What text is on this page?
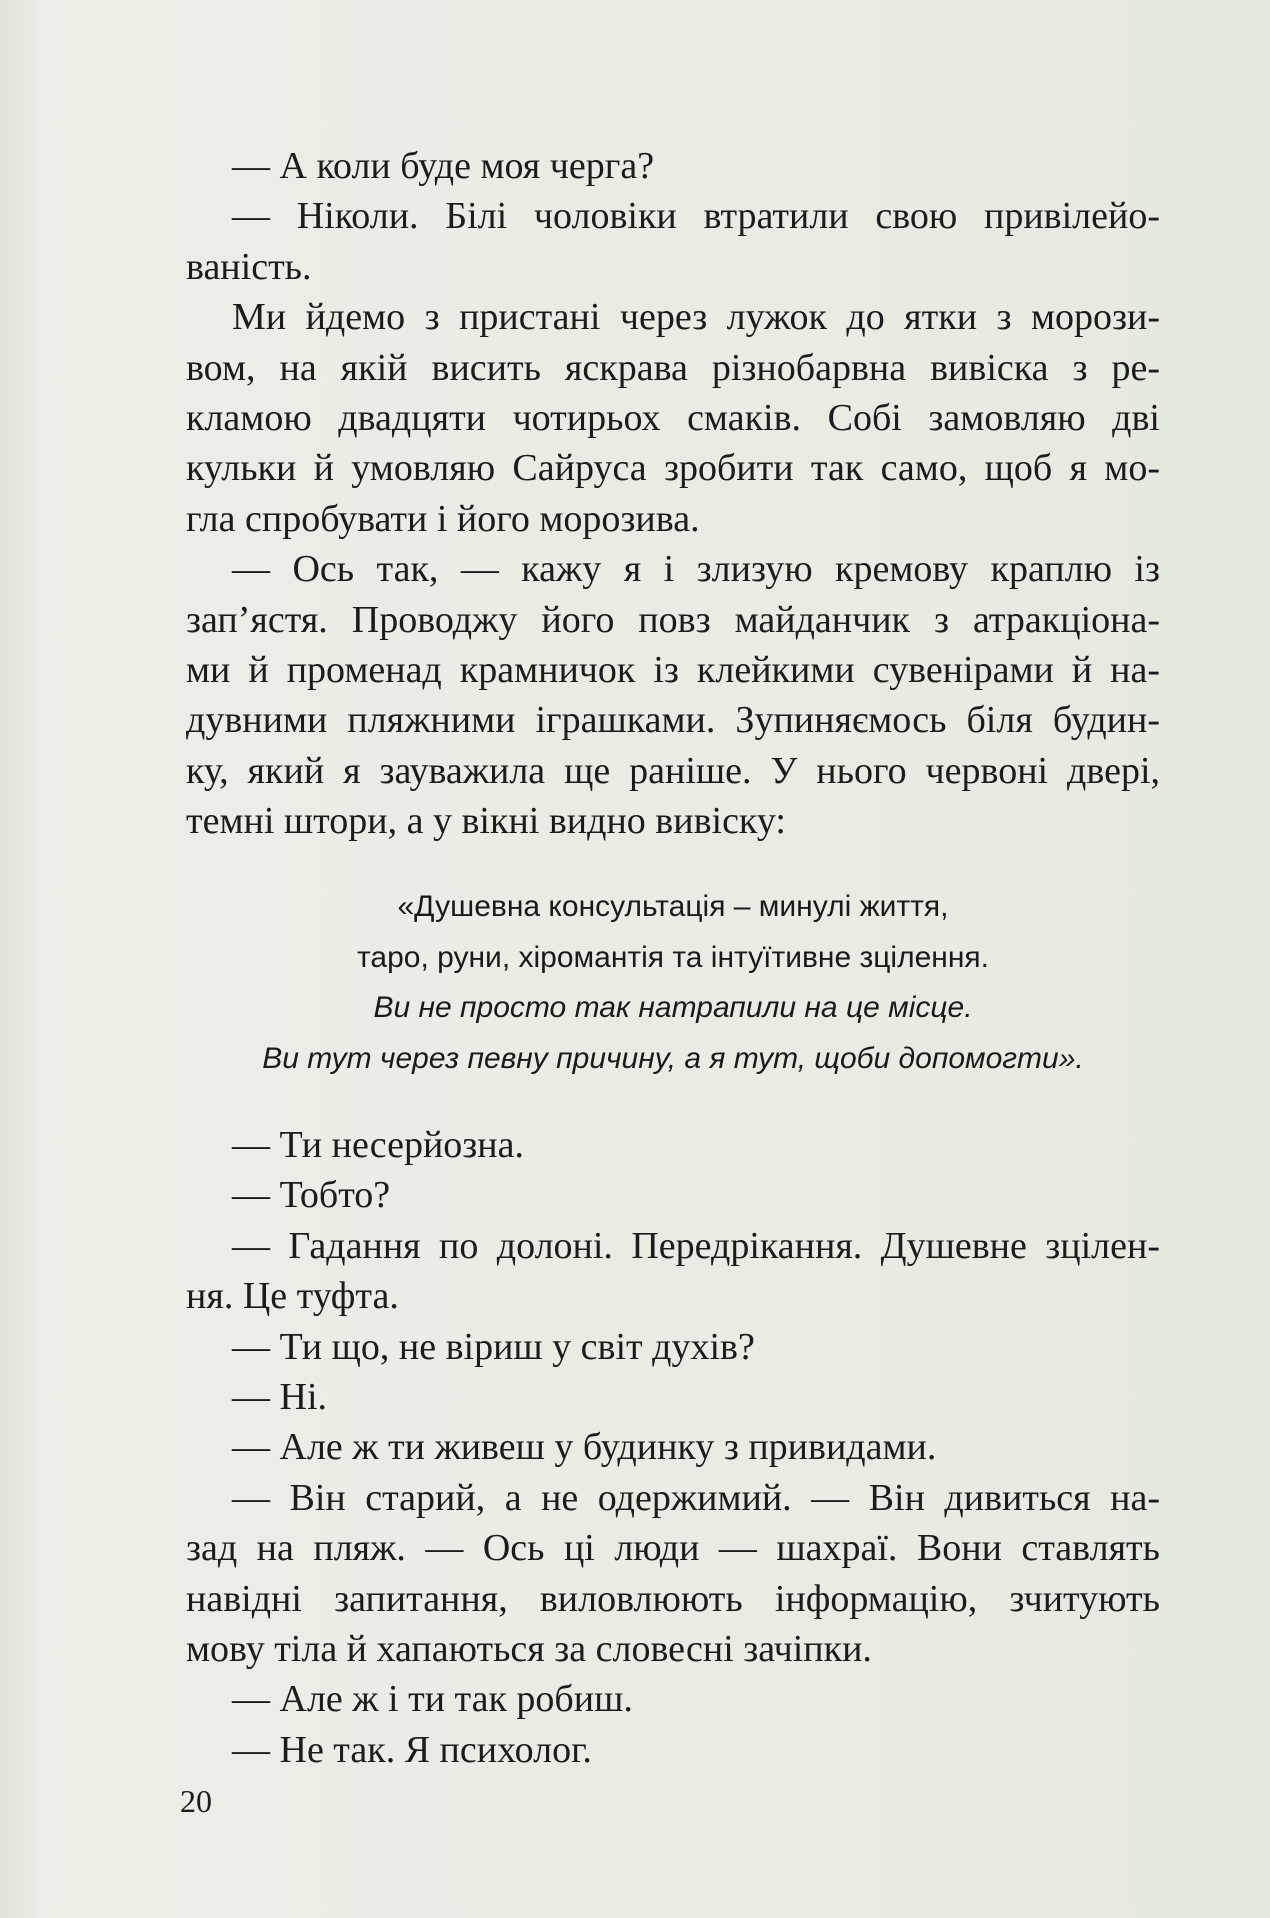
— А коли буде моя черга?
— Ніколи. Білі чоловіки втратили свою привілейо-
ваність.
Ми йдемо з пристані через лужок до ятки з морози-
вом, на якій висить яскрава різнобарвна вивіска з ре-
кламою двадцяти чотирьох смаків. Собі замовляю дві
кульки й умовляю Сайруса зробити так само, щоб я мо-
гла спробувати і його морозива.
— Ось так, — кажу я і злизую кремову краплю із
зап’ястя. Проводжу його повз майданчик з атракціона-
ми й променад крамничок із клейкими сувенірами й на-
дувними пляжними іграшками. Зупиняємось біля будин-
ку, який я зауважила ще раніше. У нього червоні двері,
темні штори, а у вікні видно вивіску:
«Душевна консультація – минулі життя,
таро, руни, хіромантія та інтуїтивне зцілення.
Ви не просто так натрапили на це місце.
Ви тут через певну причину, а я тут, щоби допомогти».
— Ти несерйозна.
— Тобто?
— Гадання по долоні. Передрікання. Душевне зцілен-
ня. Це туфта.
— Ти що, не віриш у світ духів?
— Ні.
— Але ж ти живеш у будинку з привидами.
— Він старий, а не одержимий. — Він дивиться на-
зад на пляж. — Ось ці люди — шахраї. Вони ставлять
навідні запитання, виловлюють інформацію, зчитують
мову тіла й хапаються за словесні зачіпки.
— Але ж і ти так робиш.
— Не так. Я психолог.
20
